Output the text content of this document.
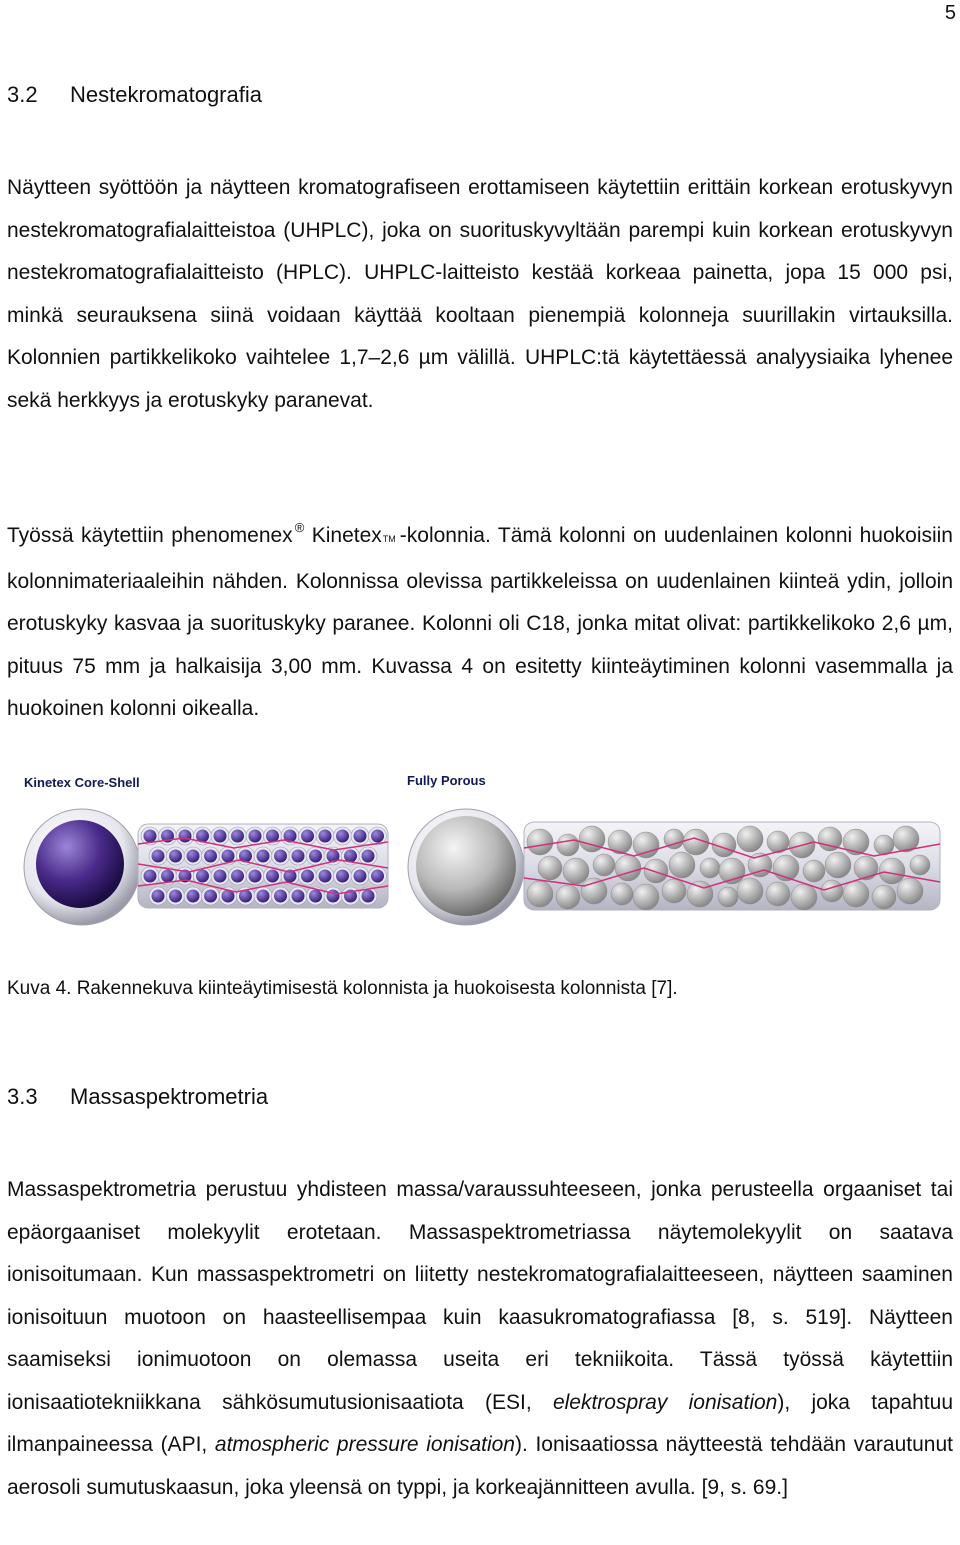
5
3.2 Nestekromatografia

Näytteen syöttöön ja näytteen kromatografiseen erottamiseen käytettiin erittäin korkean erotuskyvyn nestekromatografialaitteistoa (UHPLC), joka on suorituskyvyltään parempi kuin korkean erotuskyvyn nestekromatografialaitteisto (HPLC). UHPLC-laitteisto kestää korkeaa painetta, jopa 15 000 psi, minkä seurauksena siinä voidaan käyttää kooltaan pienempiä kolonneja suurillakin virtauksilla. Kolonnien partikkelikoko vaihtelee 1,7–2,6 µm välillä. UHPLC:tä käytettäessä analyysiaika lyhenee sekä herkkyys ja erotuskyky paranevat.

Työssä käytettiin phenomenex ® KinetexTM -kolonnia. Tämä kolonni on uudenlainen kolonni huokoisiin kolonnimateriaaleihin nähden. Kolonnissa olevissa partikkeleissa on uudenlainen kiinteä ydin, jolloin erotuskyky kasvaa ja suorituskyky paranee. Kolonni oli C18, jonka mitat olivat: partikkelikoko 2,6 µm, pituus 75 mm ja halkaisija 3,00 mm. Kuvassa 4 on esitetty kiinteäytiminen kolonni vasemmalla ja huokoinen kolonni oikealla.

Kinetex Core-Shell	Fully Porous
Kuva 4. Rakennekuva kiinteäytimisestä kolonnista ja huokoisesta kolonnista [7].
3.3 Massaspektrometria

Massaspektrometria perustuu yhdisteen massa/varaussuhteeseen, jonka perusteella orgaaniset tai epäorgaaniset molekyylit erotetaan. Massaspektrometriassa näytemolekyylit on saatava ionisoitumaan. Kun massaspektrometri on liitetty nestekromatografialaitteeseen, näytteen saaminen ionisoituun muotoon on haasteellisempaa kuin kaasukromatografiassa [8, s. 519]. Näytteen saamiseksi ionimuotoon on olemassa useita eri tekniikoita. Tässä työssä käytettiin ionisaatiotekniikkana sähkösumutusionisaatiota (ESI, elektrospray ionisation), joka tapahtuu ilmanpaineessa (API, atmospheric pressure ionisation). Ionisaatiossa näytteestä tehdään varautunut aerosoli sumutuskaasun, joka yleensä on typpi, ja korkeajännitteen avulla. [9, s. 69.]
